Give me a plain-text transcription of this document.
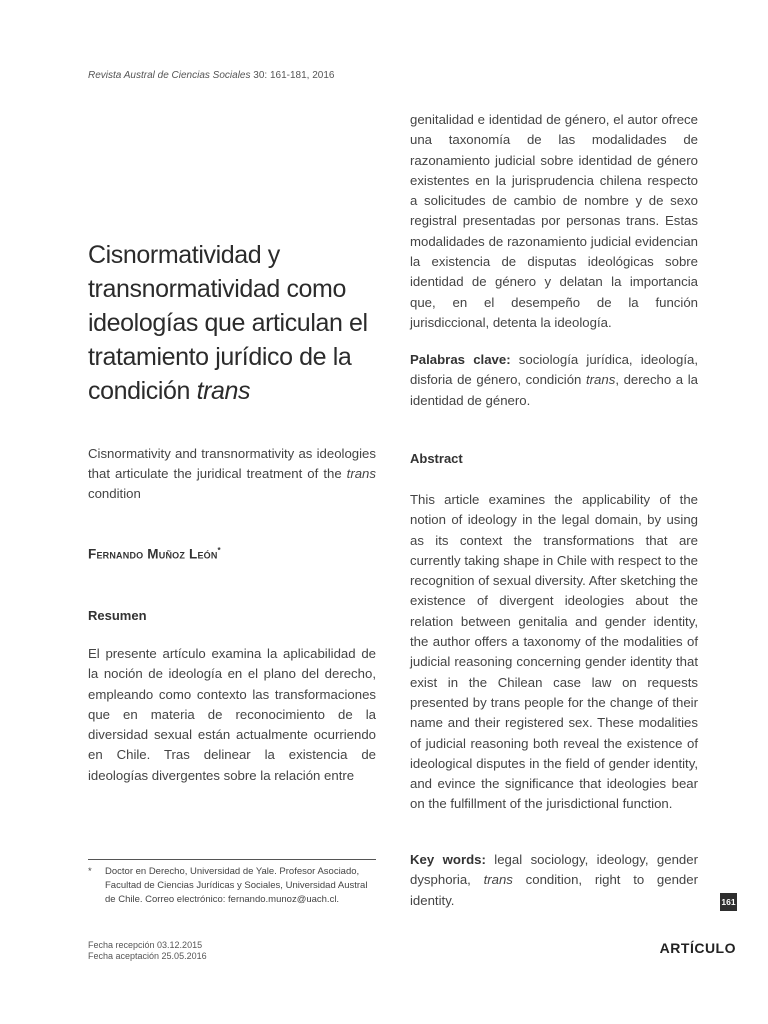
Revista Austral de Ciencias Sociales 30: 161-181, 2016
Cisnormatividad y transnormatividad como ideologías que articulan el tratamiento jurídico de la condición trans
Cisnormativity and transnormativity as ideologies that articulate the juridical treatment of the trans condition
Fernando Muñoz León*
Resumen
El presente artículo examina la aplicabilidad de la noción de ideología en el plano del derecho, empleando como contexto las transformaciones que en materia de reconocimiento de la diversidad sexual están actualmente ocurriendo en Chile. Tras delinear la existencia de ideologías divergentes sobre la relación entre
* Doctor en Derecho, Universidad de Yale. Profesor Asociado, Facultad de Ciencias Jurídicas y Sociales, Universidad Austral de Chile. Correo electrónico: fernando.munoz@uach.cl.
Fecha recepción 03.12.2015
Fecha aceptación 25.05.2016
genitalidad e identidad de género, el autor ofrece una taxonomía de las modalidades de razonamiento judicial sobre identidad de género existentes en la jurisprudencia chilena respecto a solicitudes de cambio de nombre y de sexo registral presentadas por personas trans. Estas modalidades de razonamiento judicial evidencian la existencia de disputas ideológicas sobre identidad de género y delatan la importancia que, en el desempeño de la función jurisdiccional, detenta la ideología.
Palabras clave: sociología jurídica, ideología, disforia de género, condición trans, derecho a la identidad de género.
Abstract
This article examines the applicability of the notion of ideology in the legal domain, by using as its context the transformations that are currently taking shape in Chile with respect to the recognition of sexual diversity. After sketching the existence of divergent ideologies about the relation between genitalia and gender identity, the author offers a taxonomy of the modalities of judicial reasoning concerning gender identity that exist in the Chilean case law on requests presented by trans people for the change of their name and their registered sex. These modalities of judicial reasoning both reveal the existence of ideological disputes in the field of gender identity, and evince the significance that ideologies bear on the fulfillment of the jurisdictional function.
Key words: legal sociology, ideology, gender dysphoria, trans condition, right to gender identity.	161
ARTÍCULO
